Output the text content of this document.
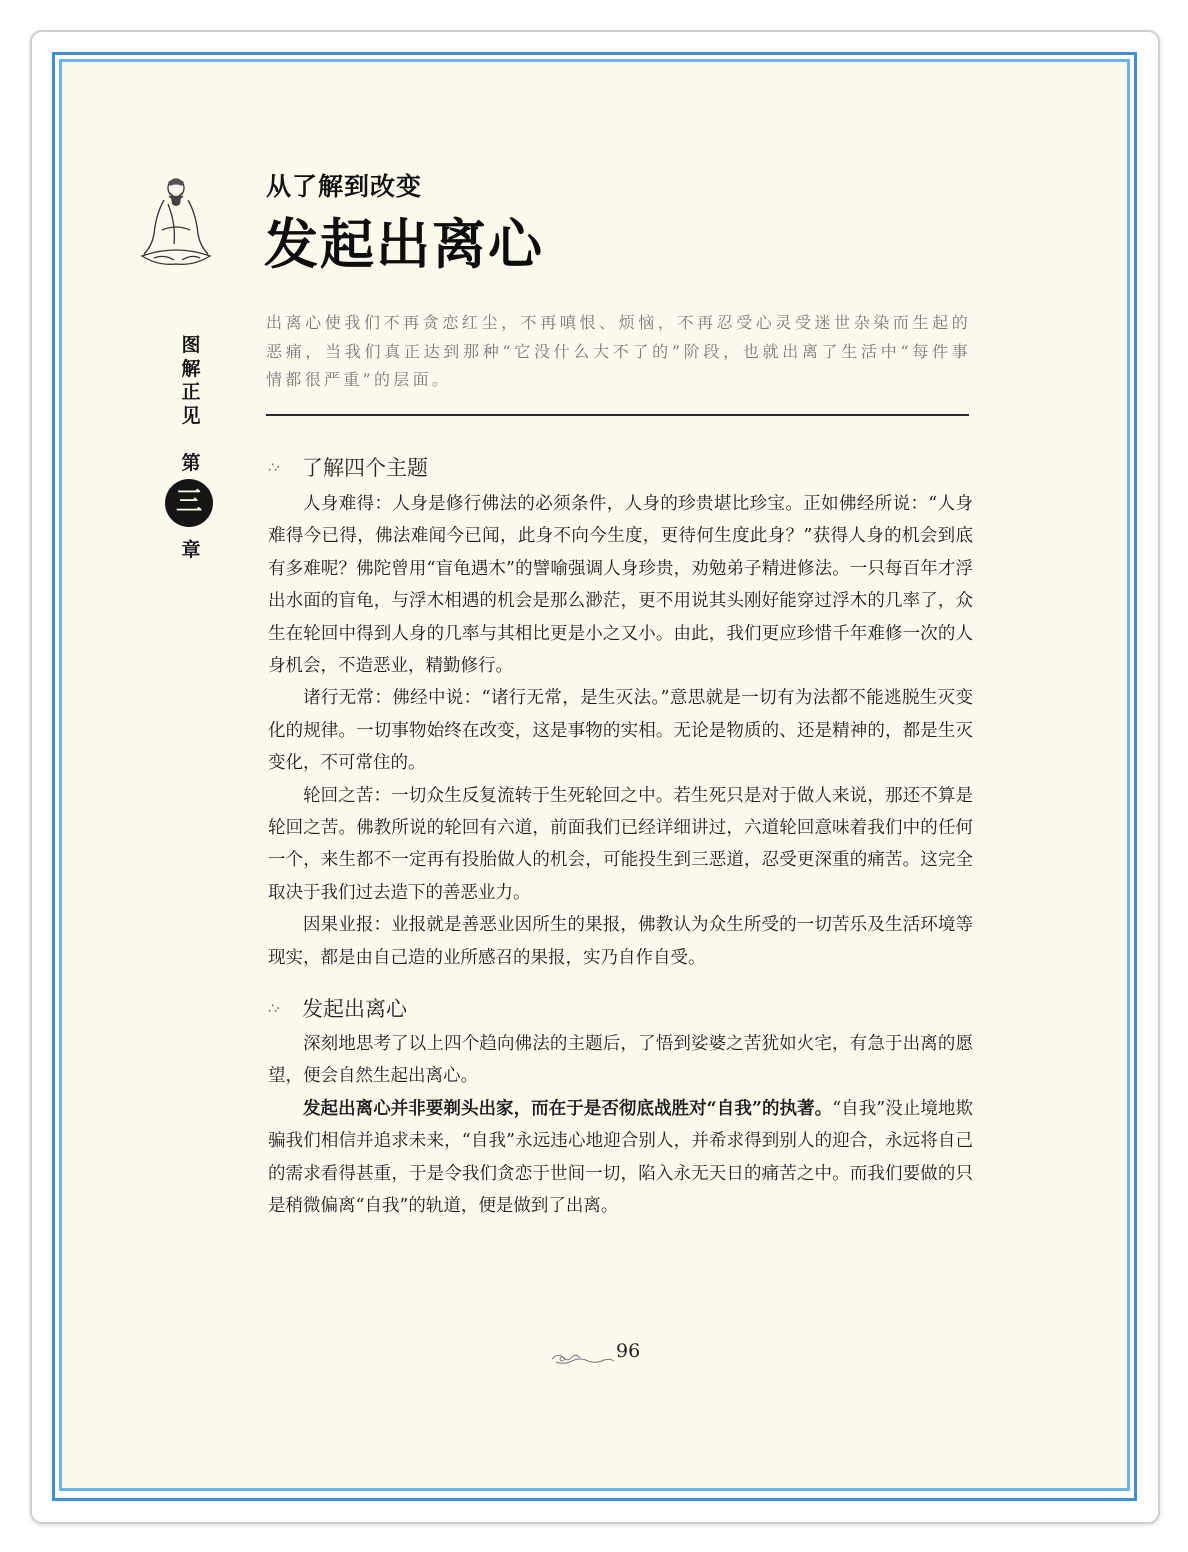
图解正见
第
三
章
从了解到改变
发起出离心
出离心使我们不再贪恋红尘，不再嗔恨、烦恼，不再忍受心灵受迷世杂染而生起的恶痛，当我们真正达到那种“它没什么大不了的”阶段，也就出离了生活中“每件事情都很严重”的层面。
∴· 了解四个主题

人身难得：人身是修行佛法的必须条件，人身的珍贵堪比珍宝。正如佛经所说：“人身难得今已得，佛法难闻今已闻，此身不向今生度，更待何生度此身？”获得人身的机会到底有多难呢？佛陀曾用“盲龟遇木”的譬喻强调人身珍贵，劝勉弟子精进修法。一只每百年才浮出水面的盲龟，与浮木相遇的机会是那么渺茫，更不用说其头刚好能穿过浮木的几率了，众生在轮回中得到人身的几率与其相比更是小之又小。由此，我们更应珍惜千年难修一次的人身机会，不造恶业，精勤修行。

诸行无常：佛经中说：“诸行无常，是生灭法。”意思就是一切有为法都不能逃脱生灭变化的规律。一切事物始终在改变，这是事物的实相。无论是物质的、还是精神的，都是生灭变化，不可常住的。

轮回之苦：一切众生反复流转于生死轮回之中。若生死只是对于做人来说，那还不算是轮回之苦。佛教所说的轮回有六道，前面我们已经详细讲过，六道轮回意味着我们中的任何一个，来生都不一定再有投胎做人的机会，可能投生到三恶道，忍受更深重的痛苦。这完全取决于我们过去造下的善恶业力。

因果业报：业报就是善恶业因所生的果报，佛教认为众生所受的一切苦乐及生活环境等现实，都是由自己造的业所感召的果报，实乃自作自受。

∴· 发起出离心

深刻地思考了以上四个趋向佛法的主题后，了悟到娑婆之苦犹如火宅，有急于出离的愿望，便会自然生起出离心。

发起出离心并非要剃头出家，而在于是否彻底战胜对“自我”的执著。“自我”没止境地欺骗我们相信并追求未来，“自我”永远违心地迎合别人，并希求得到别人的迎合，永远将自己的需求看得甚重，于是令我们贪恋于世间一切，陷入永无天日的痛苦之中。而我们要做的只是稍微偏离“自我”的轨道，便是做到了出离。

96
